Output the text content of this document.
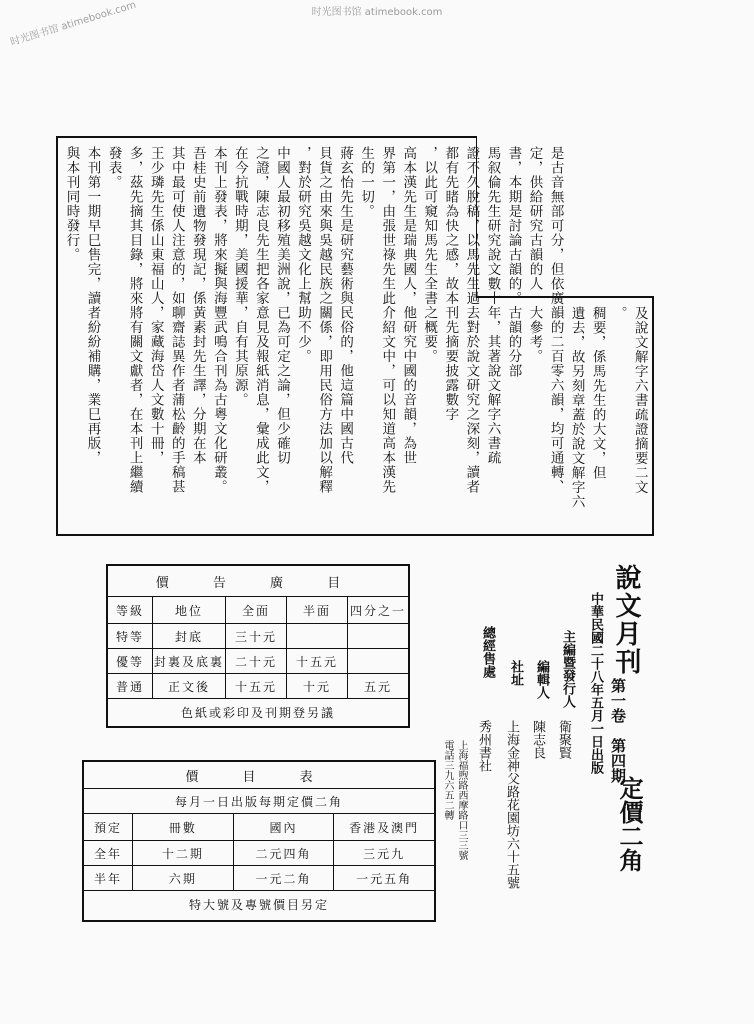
时光图书馆 atimebook.com
时光图书馆 atimebook.com
及說文解字六書疏證摘要二文
。
稠要，係馬先生的大文，但
遺去，故另刻章蓋於說文解字六
是古音無部可分，但依廣韻的二百零六韻，均可通轉、
定，供給研究古韻的人一大參考。
書，本期是討論古韻的。古韻的分部
馬叙倫先生研究說文數十年，其著說文解字六書疏
證不久脫稿，以馬先生過去對於說文研究之深刻，讀者
都有先睹為快之感，故本刊先摘要披露數字
，以此可窺知馬先生全書之概要。
高本漢先生是瑞典國人，他研究中國的音韻，為世
界第一，由張世祿先生此介紹文中，可以知道高本漢先
生的一切。
蔣玄怡先生是研究藝術與民俗的，他這篇中國古代
貝貨之由來與吳越民族之關係，即用民俗方法加以解釋
，對於研究吳越文化上幫助不少。
中國人最初移殖美洲說，已為可定之論，但少確切
之證，陳志良先生把各家意見及報紙消息，彙成此文，
在今抗戰時期，美國援華，自有其原源。
本刊上發表，將來擬與海豐武鳴合刊為古粵文化研叢。
吾桂史前遺物發現記，係黃素封先生譯，分期在本
其中最可使人注意的，如聊齋誌異作者蒲松齡的手稿甚
王少璘先生係山東福山人，家藏海岱人文數十冊，
多，茲先摘其目錄，將來將有關文獻者，在本刊上繼續
發表。
本刊第一期早巳售完，讀者紛紛補購，業巳再版，
與本刊同時發行。
說文月刊
第一卷　第四期
中華民國二十八年五月一日出版
定價二角
主編暨發行人
衛聚賢
編輯人
陳志良
社址
上海金神父路花園坊六十五號
總經售處
秀州書社
上海福煦路西摩路口三三號
電話三九六五二轉
價 告 廣 目
等級	地位	全面	半面	四分之一
特等	封底	三十元
優等 封裏及底裏 二十元	十五元
普通	正文後	十五元	十元	五元
色紙或彩印及刊期登另議
價 目 表
每月一日出版每期定價二角
預定	冊數	國內	香港及澳門
全年	十二期	二元四角	三元九
半年	六期	一元二角	一元五角
特大號及專號價目另定
